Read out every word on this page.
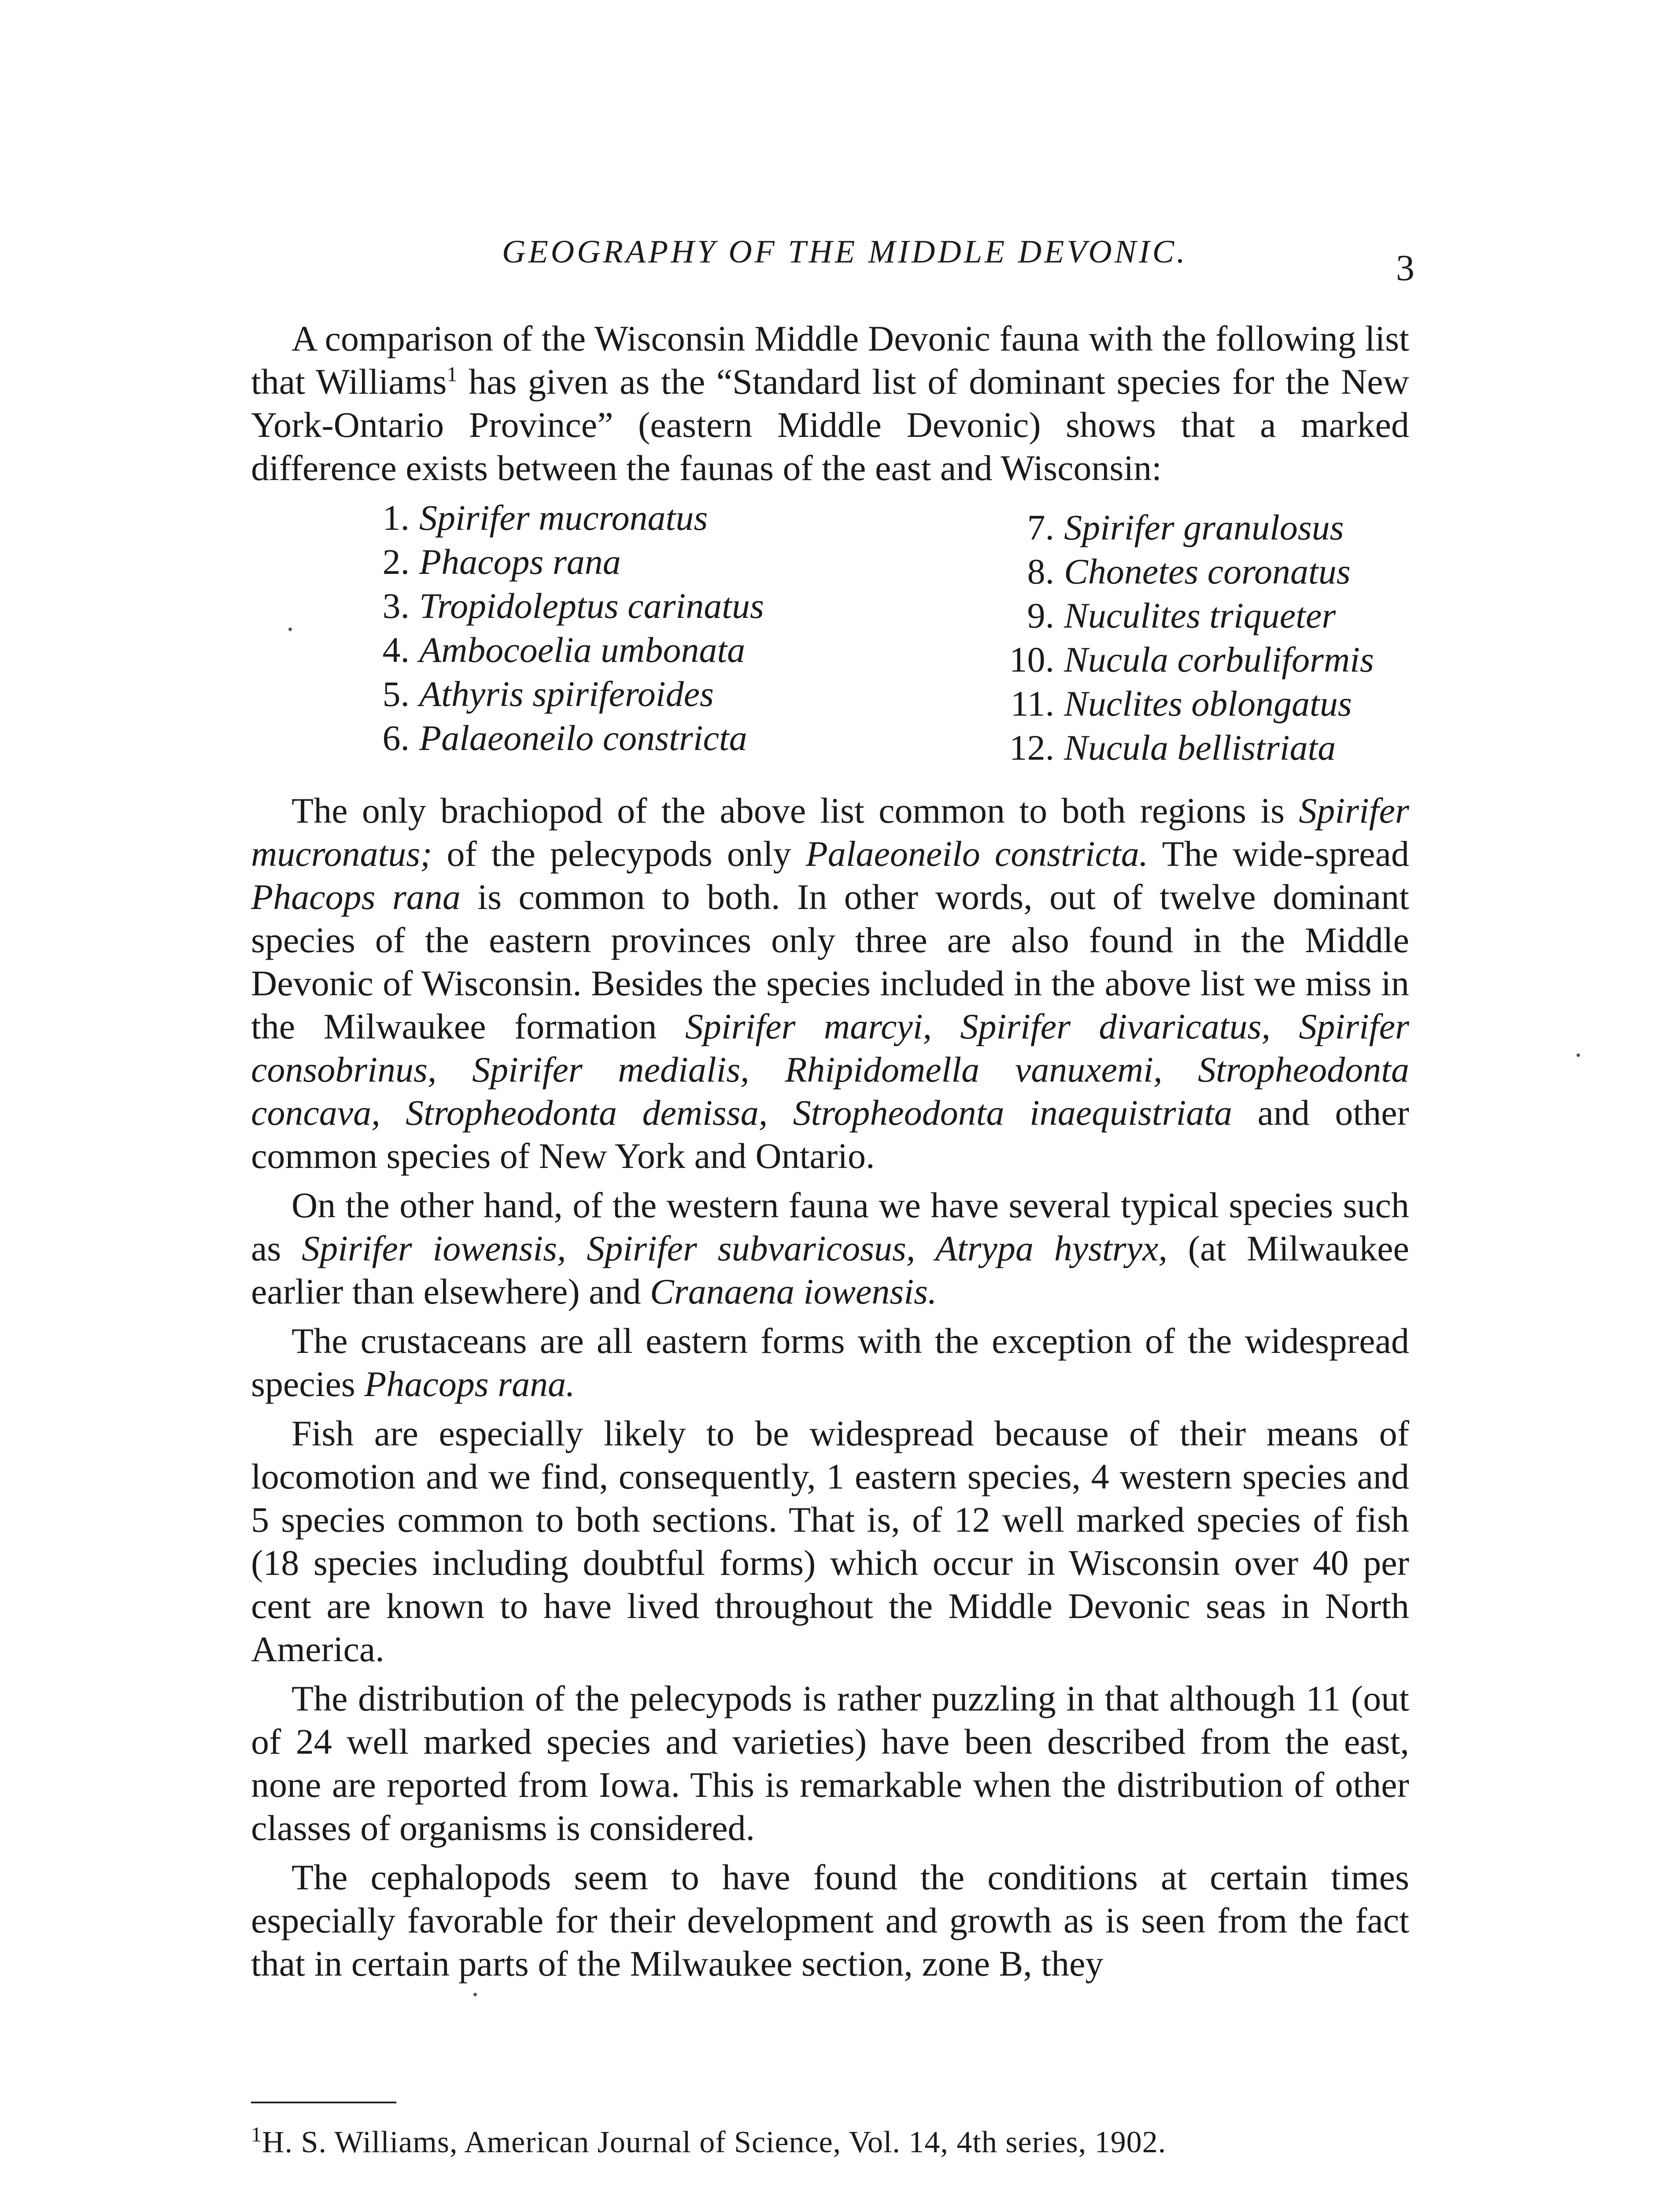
GEOGRAPHY OF THE MIDDLE DEVONIC.	3

A comparison of the Wisconsin Middle Devonic fauna with the following list that Williams$^1$ has given as the “Standard list of dominant species for the New York-Ontario Province” (eastern Middle Devonic) shows that a marked difference exists between the faunas of the east and Wisconsin:

1. Spirifer mucronatus
2. Phacops rana
3. Tropidoleptus carinatus
4. Ambocoelia umbonata
5. Athyris spiriferoides
6. Palaeoneilo constricta
7. Spirifer granulosus
8. Chonetes coronatus
9. Nuculites triqueter
10. Nucula corbuliformis
11. Nuclites oblongatus
12. Nucula bellistriata

The only brachiopod of the above list common to both regions is Spirifer mucronatus; of the pelecypods only Palaeoneilo constricta. The wide-spread Phacops rana is common to both. In other words, out of twelve dominant species of the eastern provinces only three are also found in the Middle Devonic of Wisconsin. Besides the species included in the above list we miss in the Milwaukee formation Spirifer marcyi, Spirifer divaricatus, Spirifer consobrinus, Spirifer medialis, Rhipidomella vanuxemi, Stropheodonta concava, Stropheodonta demissa, Stropheodonta inaequistriata and other common species of New York and Ontario.

On the other hand, of the western fauna we have several typical species such as Spirifer iowensis, Spirifer subvaricosus, Atrypa hystryx, (at Milwaukee earlier than elsewhere) and Cranaena iowensis.

The crustaceans are all eastern forms with the exception of the widespread species Phacops rana.

Fish are especially likely to be widespread because of their means of locomotion and we find, consequently, 1 eastern species, 4 western species and 5 species common to both sections. That is, of 12 well marked species of fish (18 species including doubtful forms) which occur in Wisconsin over 40 per cent are known to have lived throughout the Middle Devonic seas in North America.

The distribution of the pelecypods is rather puzzling in that although 11 (out of 24 well marked species and varieties) have been described from the east, none are reported from Iowa. This is remarkable when the distribution of other classes of organisms is considered.

The cephalopods seem to have found the conditions at certain times especially favorable for their development and growth as is seen from the fact that in certain parts of the Milwaukee section, zone B, they

$^1$H. S. Williams, American Journal of Science, Vol. 14, 4th series, 1902.
